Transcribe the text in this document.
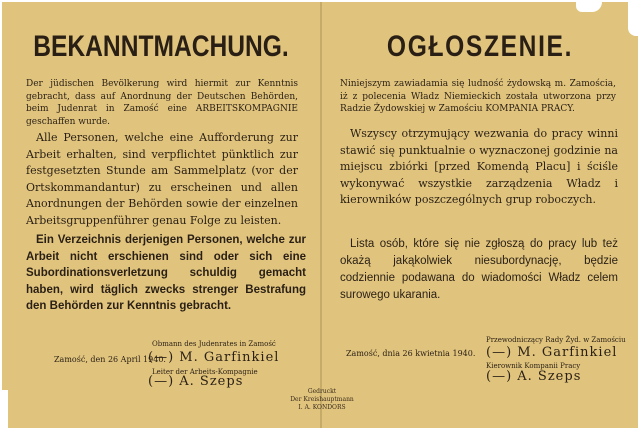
BEKANNTMACHUNG.
Der jüdischen Bevölkerung wird hiermit zur Kenntnis gebracht, dass auf Anordnung der Deutschen Behörden, beim Judenrat in Zamość eine ARBEITSKOMPAGNIE geschaffen wurde.
Alle Personen, welche eine Aufforderung zur Arbeit erhalten, sind verpflichtet pünktlich zur festgesetzten Stunde am Sammelplatz (vor der Ortskommandantur) zu erscheinen und allen Anordnungen der Behörden sowie der einzelnen Arbeitsgruppenführer genau Folge zu leisten.
Ein Verzeichnis derjenigen Personen, welche zur Arbeit nicht erschienen sind oder sich eine Subordinationsverletzung schuldig gemacht haben, wird täglich zwecks strenger Bestrafung den Behörden zur Kenntnis gebracht.
Zamość, den 26 April 1940.
Obmann des Judenrates in Zamość
(—) M. Garfinkiel
Leiter der Arbeits-Kompagnie
(—) A. Szeps
OGŁOSZENIE.
Niniejszym zawiadamia się ludność żydowską m. Zamościa, iż z polecenia Władz Niemieckich została utworzona przy Radzie Żydowskiej w Zamościu KOMPANIA PRACY.
Wszyscy otrzymujący wezwania do pracy winni stawić się punktualnie o wyznaczonej godzinie na miejscu zbiórki [przed Komendą Placu] i ściśle wykonywać wszystkie zarządzenia Władz i kierowników poszczególnych grup roboczych.
Lista osób, które się nie zgłoszą do pracy lub też okażą jakąkolwiek niesubordynację, będzie codziennie podawana do wiadomości Władz celem surowego ukarania.
Zamość, dnia 26 kwietnia 1940.
Przewodniczący Rady Żyd. w Zamościu
(—) M. Garfinkiel
Kierownik Kompanii Pracy
(—) A. Szeps
Gedruckt
Der Kreishauptmann
I. A. KONDORS
